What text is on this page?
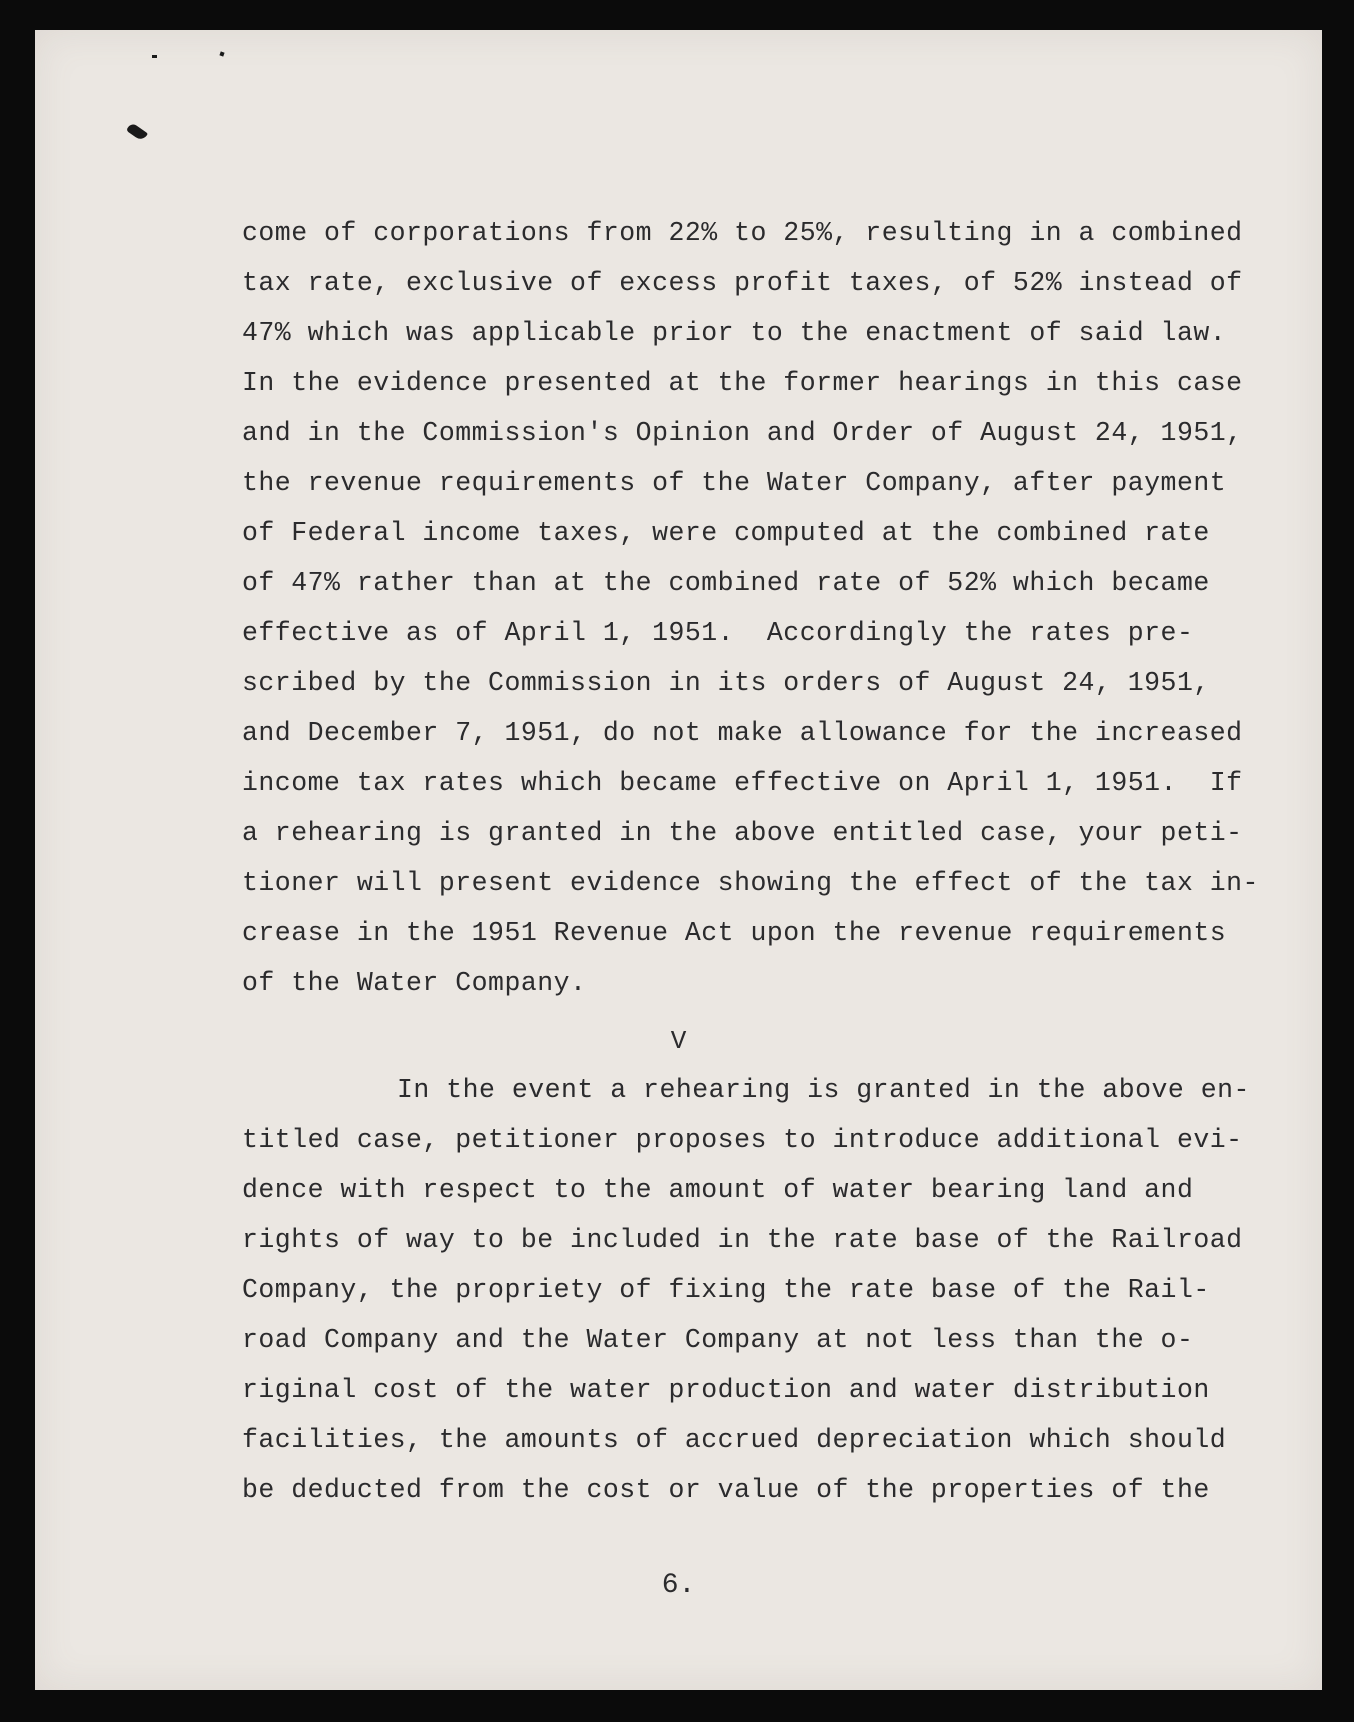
come of corporations from 22% to 25%, resulting in a combined
tax rate, exclusive of excess profit taxes, of 52% instead of
47% which was applicable prior to the enactment of said law.
In the evidence presented at the former hearings in this case
and in the Commission's Opinion and Order of August 24, 1951,
the revenue requirements of the Water Company, after payment
of Federal income taxes, were computed at the combined rate
of 47% rather than at the combined rate of 52% which became
effective as of April 1, 1951.  Accordingly the rates pre-
scribed by the Commission in its orders of August 24, 1951,
and December 7, 1951, do not make allowance for the increased
income tax rates which became effective on April 1, 1951.  If
a rehearing is granted in the above entitled case, your peti-
tioner will present evidence showing the effect of the tax in-
crease in the 1951 Revenue Act upon the revenue requirements
of the Water Company.
V
In the event a rehearing is granted in the above en-
titled case, petitioner proposes to introduce additional evi-
dence with respect to the amount of water bearing land and
rights of way to be included in the rate base of the Railroad
Company, the propriety of fixing the rate base of the Rail-
road Company and the Water Company at not less than the o-
riginal cost of the water production and water distribution
facilities, the amounts of accrued depreciation which should
be deducted from the cost or value of the properties of the
6.
